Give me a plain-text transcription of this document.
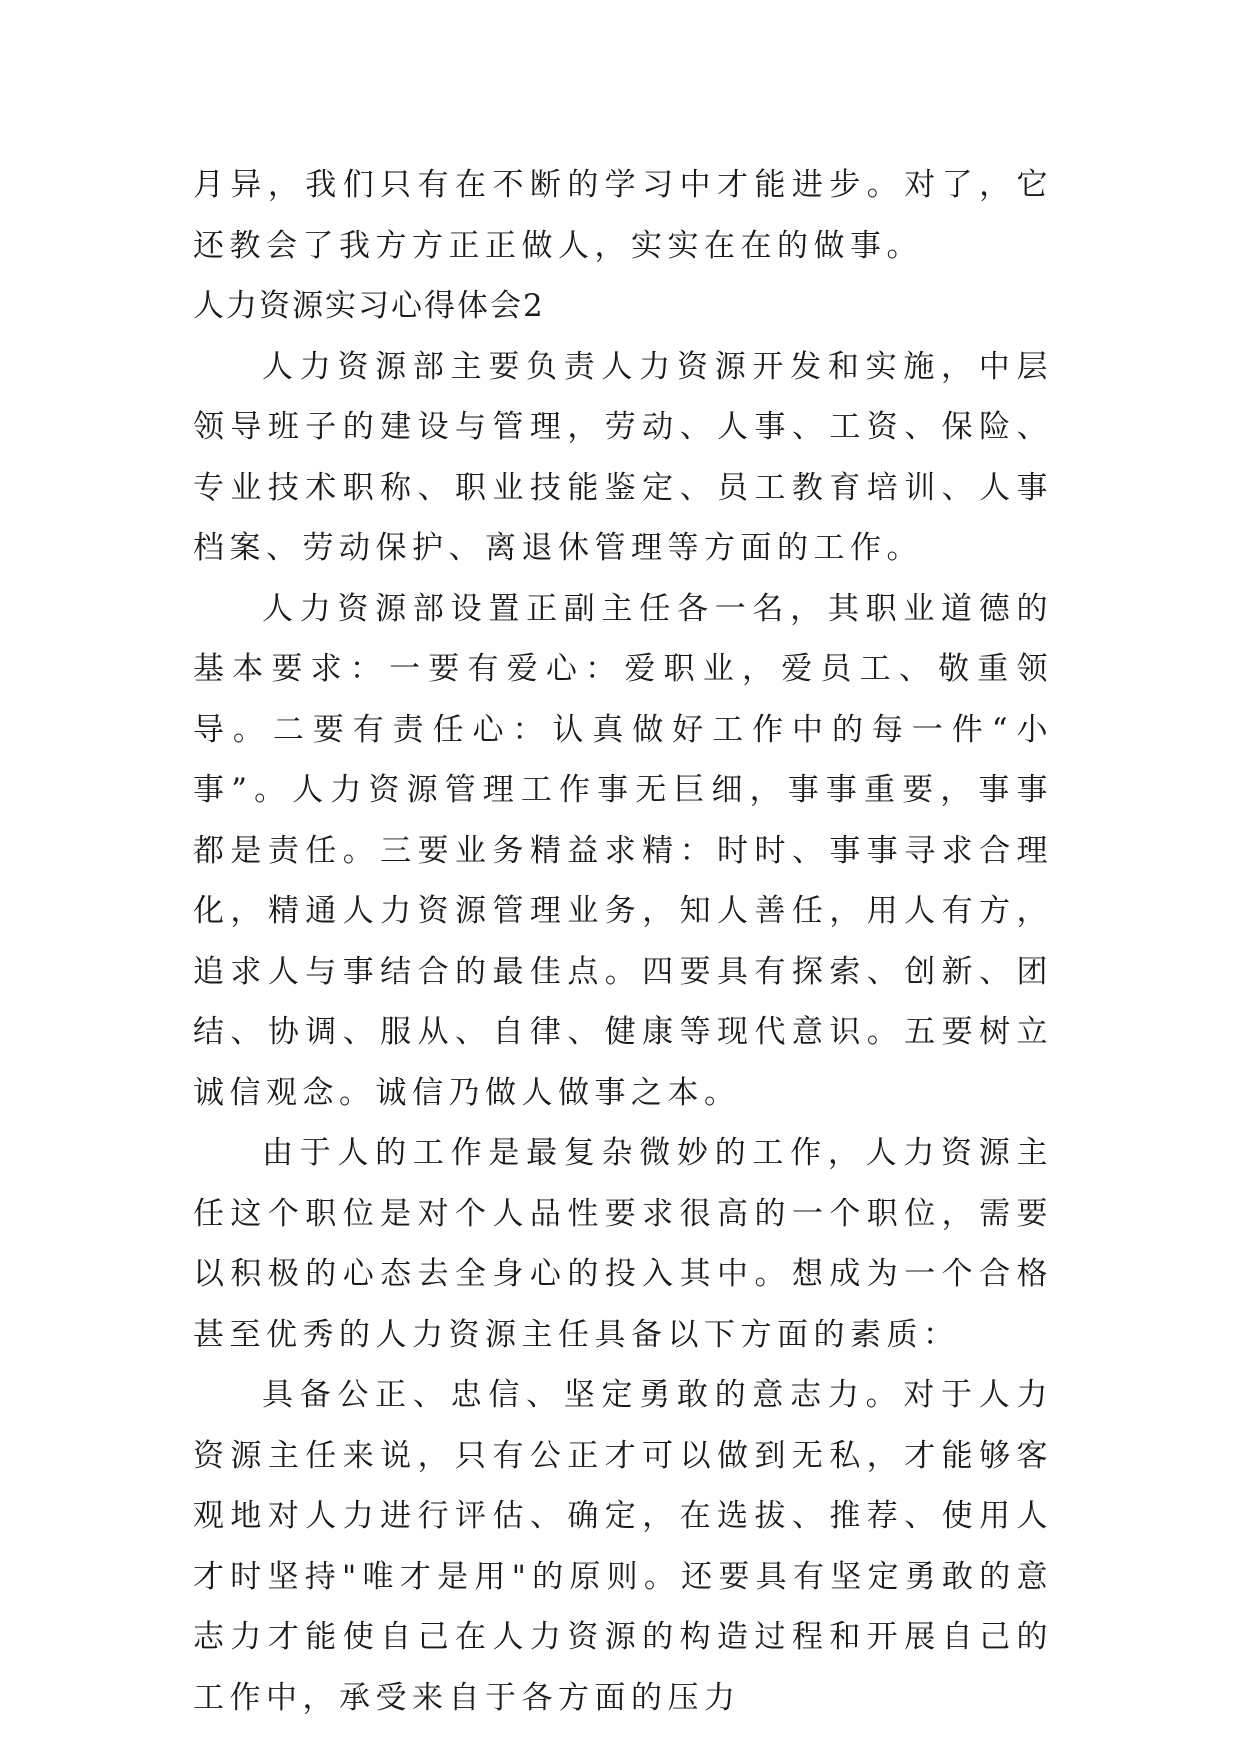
月异，我们只有在不断的学习中才能进步。对了，它还教会了我方方正正做人，实实在在的做事。

人力资源实习心得体会2

人力资源部主要负责人力资源开发和实施，中层领导班子的建设与管理，劳动、人事、工资、保险、专业技术职称、职业技能鉴定、员工教育培训、人事档案、劳动保护、离退休管理等方面的工作。

人力资源部设置正副主任各一名，其职业道德的基本要求：一要有爱心：爱职业，爱员工、敬重领导。二要有责任心：认真做好工作中的每一件“小事”。人力资源管理工作事无巨细，事事重要，事事都是责任。三要业务精益求精：时时、事事寻求合理化，精通人力资源管理业务，知人善任，用人有方，追求人与事结合的最佳点。四要具有探索、创新、团结、协调、服从、自律、健康等现代意识。五要树立诚信观念。诚信乃做人做事之本。

由于人的工作是最复杂微妙的工作，人力资源主任这个职位是对个人品性要求很高的一个职位，需要以积极的心态去全身心的投入其中。想成为一个合格甚至优秀的人力资源主任具备以下方面的素质：

具备公正、忠信、坚定勇敢的意志力。对于人力资源主任来说，只有公正才可以做到无私，才能够客观地对人力进行评估、确定，在选拔、推荐、使用人才时坚持"唯才是用"的原则。还要具有坚定勇敢的意志力才能使自己在人力资源的构造过程和开展自己的工作中，承受来自于各方面的压力
